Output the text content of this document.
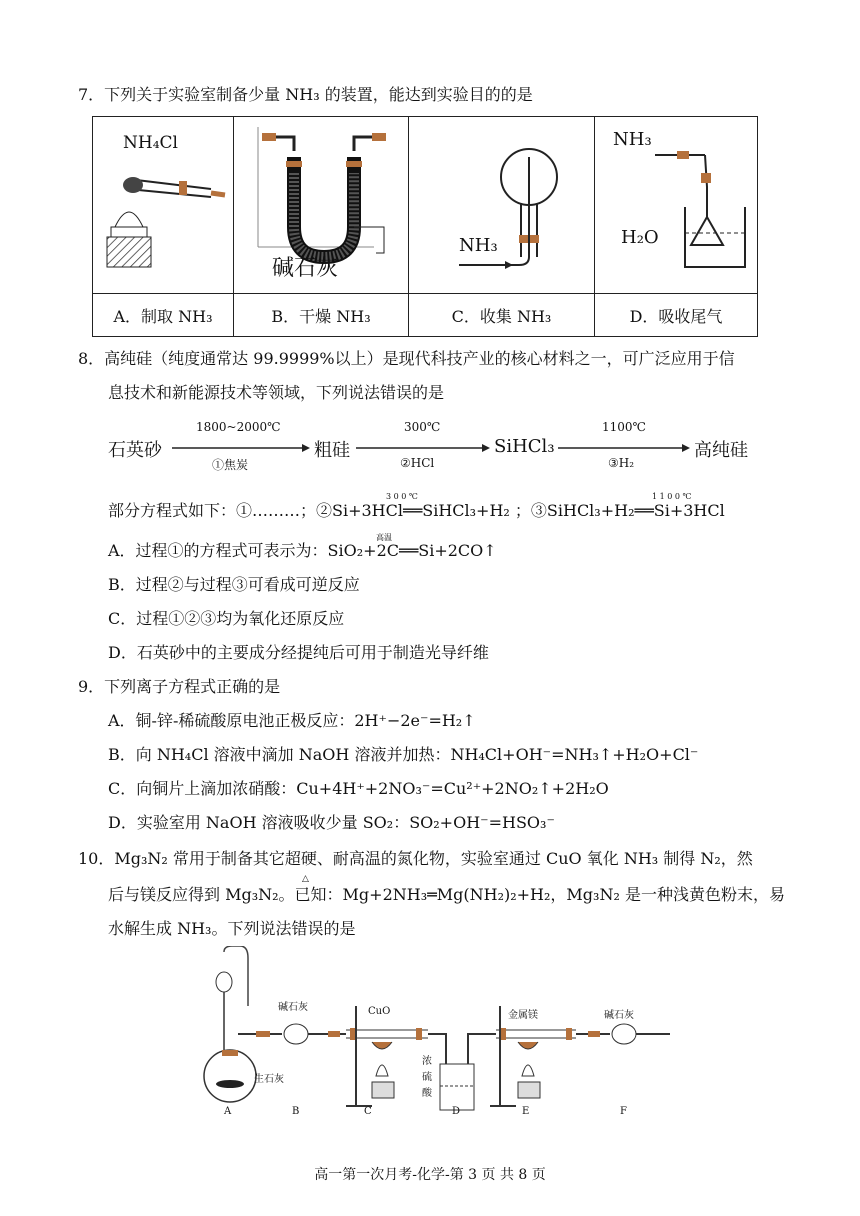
7．下列关于实验室制备少量 NH₃ 的装置，能达到实验目的的是
NH₄Cl	碱石灰	NH₃	NH₃
H₂O

A．制取 NH₃	B．干燥 NH₃	C．收集 NH₃	D．吸收尾气
8．高纯硅（纯度通常达 99.9999%以上）是现代科技产业的核心材料之一，可广泛应用于信
息技术和新能源技术等领域，下列说法错误的是
石英砂	粗硅	SiHCl₃	高纯硅
1800~2000℃	300℃	1100℃
①焦炭	②HCl	③H₂
3 0 0 ℃	1 1 0 0 ℃
部分方程式如下：①………；②Si+3HCl══SiHCl₃+H₂ ；③SiHCl₃+H₂══Si+3HCl
高温
A．过程①的方程式可表示为：SiO₂+2C══Si+2CO↑
B．过程②与过程③可看成可逆反应
C．过程①②③均为氧化还原反应
D．石英砂中的主要成分经提纯后可用于制造光导纤维
9．下列离子方程式正确的是
A．铜-锌-稀硫酸原电池正极反应：2H⁺−2e⁻=H₂↑
B．向 NH₄Cl 溶液中滴加 NaOH 溶液并加热：NH₄Cl+OH⁻=NH₃↑+H₂O+Cl⁻
C．向铜片上滴加浓硝酸：Cu+4H⁺+2NO₃⁻=Cu²⁺+2NO₂↑+2H₂O
D．实验室用 NaOH 溶液吸收少量 SO₂：SO₂+OH⁻=HSO₃⁻
10．Mg₃N₂ 常用于制备其它超硬、耐高温的氮化物，实验室通过 CuO 氧化 NH₃ 制得 N₂，然
△
后与镁反应得到 Mg₃N₂。已知：Mg+2NH₃═Mg(NH₂)₂+H₂，Mg₃N₂ 是一种浅黄色粉末，易
水解生成 NH₃。下列说法错误的是
碱石灰	CuO	金属镁	碱石灰
生石灰
浓
硫
酸
A	B	C	D	E	F
高一第一次月考-化学-第 3 页 共 8 页
